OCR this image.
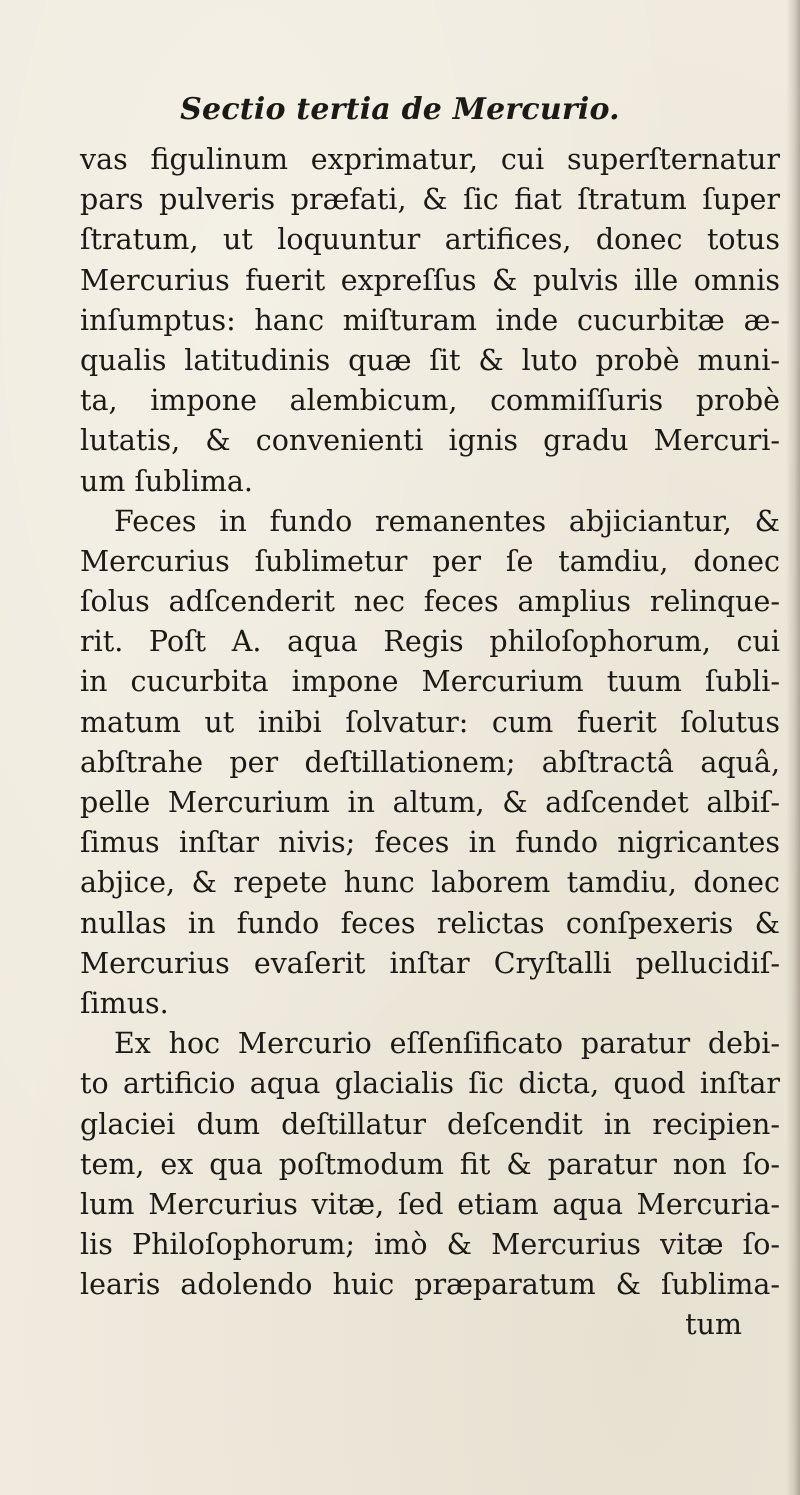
Sectio tertia de Mercurio.
vas figulinum exprimatur, cui superſternatur
pars pulveris præfati, & ſic fiat ſtratum ſuper
ſtratum, ut loquuntur artifices, donec totus
Mercurius fuerit expreſſus & pulvis ille omnis
inſumptus: hanc miſturam inde cucurbitæ æ-
qualis latitudinis quæ ſit & luto probè muni-
ta, impone alembicum, commiſſuris probè
lutatis, & convenienti ignis gradu Mercuri-
um ſublima.
Feces in fundo remanentes abjiciantur, &
Mercurius ſublimetur per ſe tamdiu, donec
ſolus adſcenderit nec feces amplius relinque-
rit. Poſt A. aqua Regis philoſophorum, cui
in cucurbita impone Mercurium tuum ſubli-
matum ut inibi ſolvatur: cum fuerit ſolutus
abſtrahe per deſtillationem; abſtractâ aquâ,
pelle Mercurium in altum, & adſcendet albiſ-
ſimus inſtar nivis; feces in fundo nigricantes
abjice, & repete hunc laborem tamdiu, donec
nullas in fundo feces relictas conſpexeris &
Mercurius evaſerit inſtar Cryſtalli pellucidiſ-
ſimus.
Ex hoc Mercurio eſſenſificato paratur debi-
to artificio aqua glacialis ſic dicta, quod inſtar
glaciei dum deſtillatur deſcendit in recipien-
tem, ex qua poſtmodum fit & paratur non ſo-
lum Mercurius vitæ, ſed etiam aqua Mercuria-
lis Philoſophorum; imò & Mercurius vitæ ſo-
learis adolendo huic præparatum & ſublima-
tum
